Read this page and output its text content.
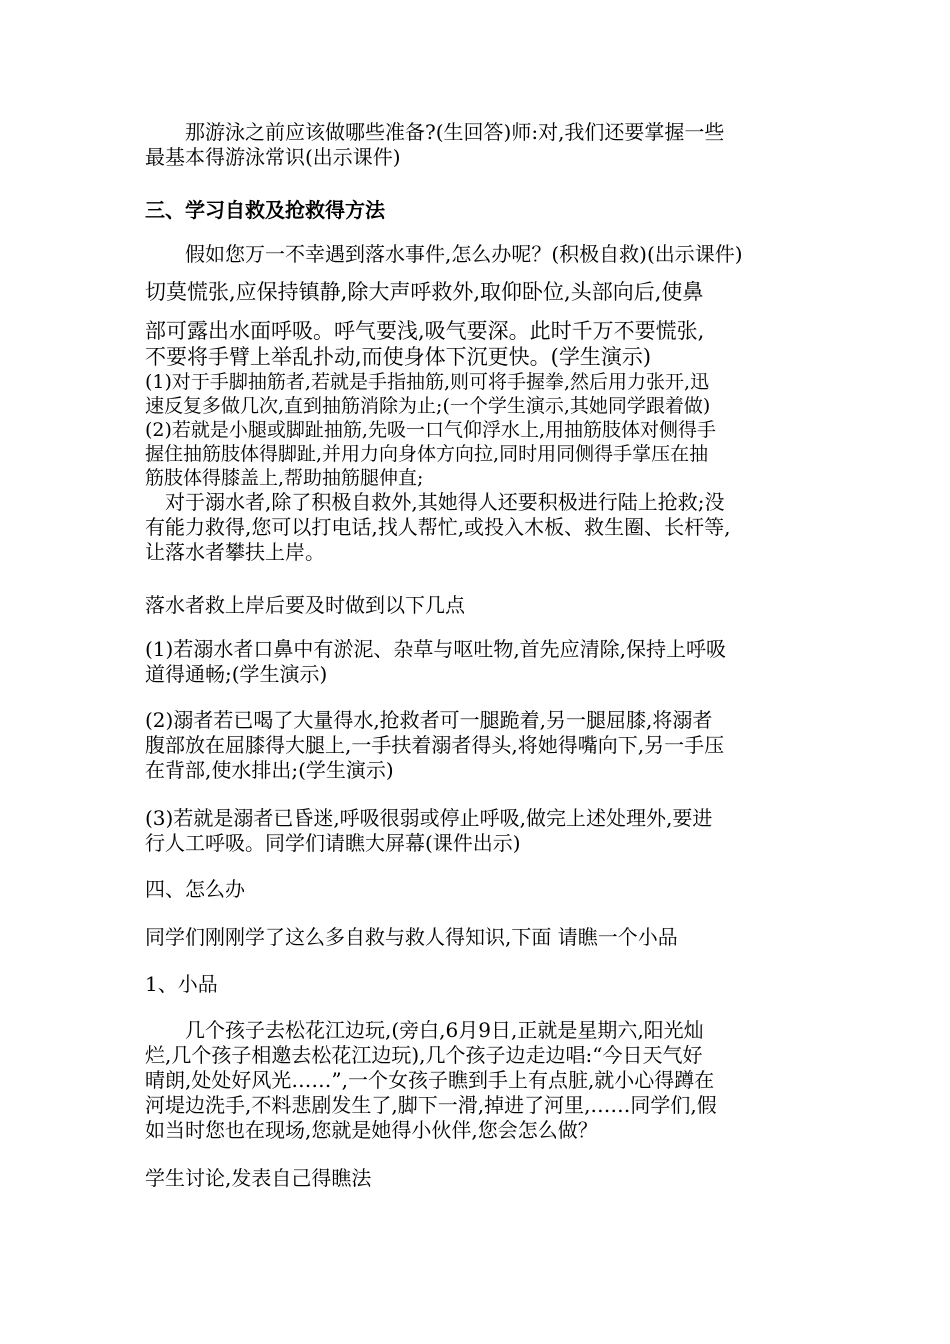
　　那游泳之前应该做哪些准备?(生回答)师:对,我们还要掌握一些
最基本得游泳常识(出示课件)

三、学习自救及抢救得方法

　　假如您万一不幸遇到落水事件,怎么办呢？(积极自救)(出示课件)

切莫慌张,应保持镇静,除大声呼救外,取仰卧位,头部向后,使鼻

部可露出水面呼吸。呼气要浅,吸气要深。此时千万不要慌张,
不要将手臂上举乱扑动,而使身体下沉更快。(学生演示)

(1)对于手脚抽筋者,若就是手指抽筋,则可将手握拳,然后用力张开,迅
速反复多做几次,直到抽筋消除为止;(一个学生演示,其她同学跟着做)
(2)若就是小腿或脚趾抽筋,先吸一口气仰浮水上,用抽筋肢体对侧得手
握住抽筋肢体得脚趾,并用力向身体方向拉,同时用同侧得手掌压在抽
筋肢体得膝盖上,帮助抽筋腿伸直;

　对于溺水者,除了积极自救外,其她得人还要积极进行陆上抢救;没
有能力救得,您可以打电话,找人帮忙,或投入木板、救生圈、长杆等,
让落水者攀扶上岸。

落水者救上岸后要及时做到以下几点

(1)若溺水者口鼻中有淤泥、杂草与呕吐物,首先应清除,保持上呼吸
道得通畅;(学生演示)

(2)溺者若已喝了大量得水,抢救者可一腿跪着,另一腿屈膝,将溺者
腹部放在屈膝得大腿上,一手扶着溺者得头,将她得嘴向下,另一手压
在背部,使水排出;(学生演示)

(3)若就是溺者已昏迷,呼吸很弱或停止呼吸,做完上述处理外,要进
行人工呼吸。同学们请瞧大屏幕(课件出示)

四、怎么办

同学们刚刚学了这么多自救与救人得知识,下面 请瞧一个小品

1、小品

　　几个孩子去松花江边玩,(旁白,6月9日,正就是星期六,阳光灿
烂,几个孩子相邀去松花江边玩),几个孩子边走边唱:“今日天气好
晴朗,处处好风光……”,一个女孩子瞧到手上有点脏,就小心得蹲在
河堤边洗手,不料悲剧发生了,脚下一滑,掉进了河里,……同学们,假
如当时您也在现场,您就是她得小伙伴,您会怎么做？

学生讨论,发表自己得瞧法
